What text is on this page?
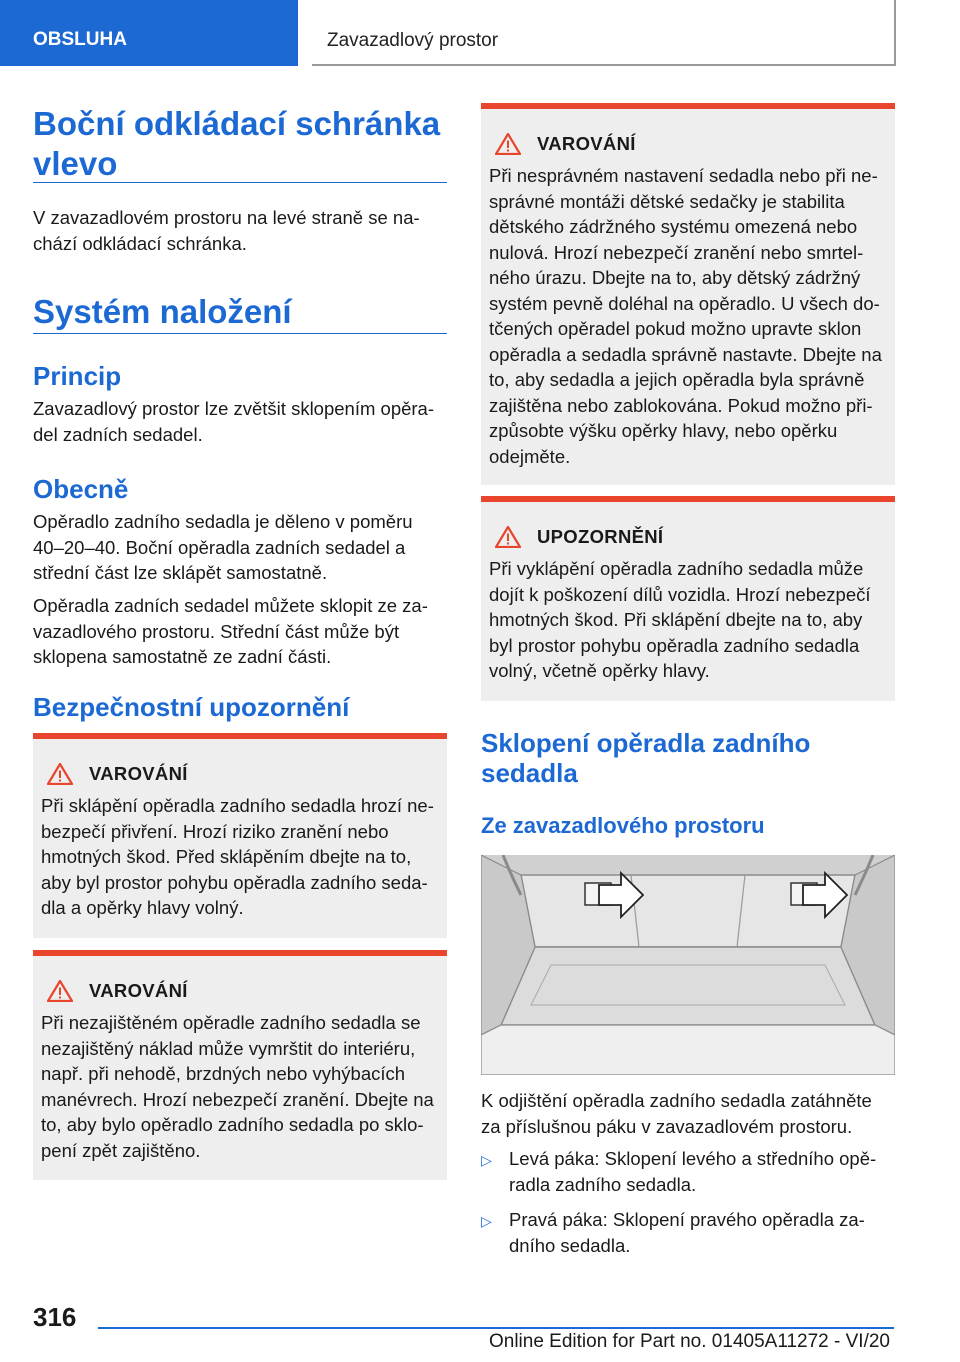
OBSLUHA	Zavazadlový prostor
Boční odkládací schránka
vlevo

V zavazadlovém prostoru na levé straně se na‐
chází odkládací schránka.

Systém naložení
Princip

Zavazadlový prostor lze zvětšit sklopením opěra‐
del zadních sedadel.

Obecně

Opěradlo zadního sedadla je děleno v poměru
40–20–40. Boční opěradla zadních sedadel a
střední část lze sklápět samostatně.

Opěradla zadních sedadel můžete sklopit ze za‐
vazadlového prostoru. Střední část může být
sklopena samostatně ze zadní části.

Bezpečnostní upozornění
VAROVÁNÍ

Při sklápění opěradla zadního sedadla hrozí ne‐
bezpečí přivření. Hrozí riziko zranění nebo
hmotných škod. Před sklápěním dbejte na to,
aby byl prostor pohybu opěradla zadního seda‐
dla a opěrky hlavy volný.

VAROVÁNÍ

Při nezajištěném opěradle zadního sedadla se
nezajištěný náklad může vymrštit do interiéru,
např. při nehodě, brzdných nebo vyhýbacích
manévrech. Hrozí nebezpečí zranění. Dbejte na
to, aby bylo opěradlo zadního sedadla po sklo‐
pení zpět zajištěno.

VAROVÁNÍ

Při nesprávném nastavení sedadla nebo při ne‐
správné montáži dětské sedačky je stabilita
dětského zádržného systému omezená nebo
nulová. Hrozí nebezpečí zranění nebo smrtel‐
ného úrazu. Dbejte na to, aby dětský zádržný
systém pevně doléhal na opěradlo. U všech do‐
tčených opěradel pokud možno upravte sklon
opěradla a sedadla správně nastavte. Dbejte na
to, aby sedadla a jejich opěradla byla správně
zajištěna nebo zablokována. Pokud možno při‐
způsobte výšku opěrky hlavy, nebo opěrku
odejměte.

UPOZORNĚNÍ

Při vyklápění opěradla zadního sedadla může
dojít k poškození dílů vozidla. Hrozí nebezpečí
hmotných škod. Při sklápění dbejte na to, aby
byl prostor pohybu opěradla zadního sedadla
volný, včetně opěrky hlavy.

Sklopení opěradla zadního
sedadla
Ze zavazadlového prostoru

K odjištění opěradla zadního sedadla zatáhněte
za příslušnou páku v zavazadlovém prostoru.

▷ Levá páka: Sklopení levého a středního opě‐
radla zadního sedadla.
▷ Pravá páka: Sklopení pravého opěradla za‐
dního sedadla.
316
Online Edition for Part no. 01405A11272 - VI/20
